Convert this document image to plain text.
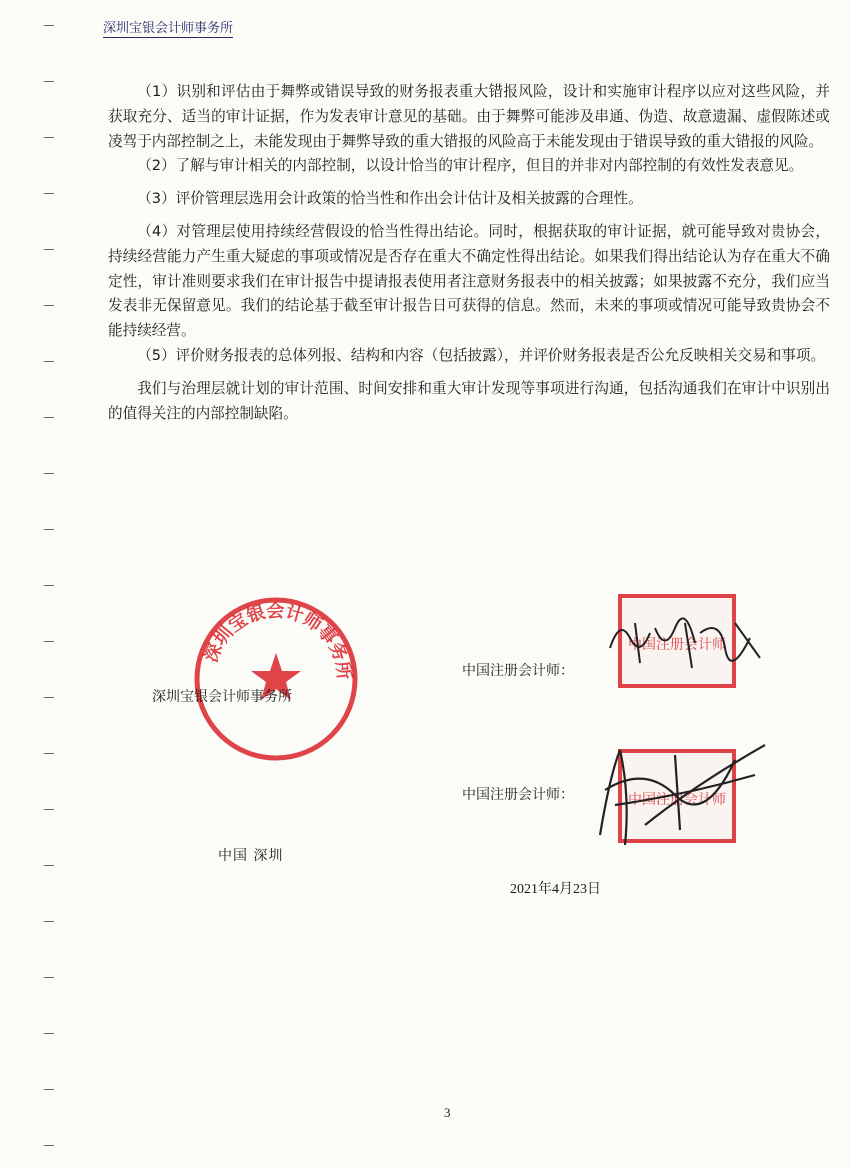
深圳宝银会计师事务所

（1）识别和评估由于舞弊或错误导致的财务报表重大错报风险，设计和实施审计程序以应对这些风险，并获取充分、适当的审计证据，作为发表审计意见的基础。由于舞弊可能涉及串通、伪造、故意遗漏、虚假陈述或凌驾于内部控制之上，未能发现由于舞弊导致的重大错报的风险高于未能发现由于错误导致的重大错报的风险。

（2）了解与审计相关的内部控制，以设计恰当的审计程序，但目的并非对内部控制的有效性发表意见。

（3）评价管理层选用会计政策的恰当性和作出会计估计及相关披露的合理性。

（4）对管理层使用持续经营假设的恰当性得出结论。同时，根据获取的审计证据，就可能导致对贵协会，持续经营能力产生重大疑虑的事项或情况是否存在重大不确定性得出结论。如果我们得出结论认为存在重大不确定性，审计准则要求我们在审计报告中提请报表使用者注意财务报表中的相关披露；如果披露不充分，我们应当发表非无保留意见。我们的结论基于截至审计报告日可获得的信息。然而，未来的事项或情况可能导致贵协会不能持续经营。

（5）评价财务报表的总体列报、结构和内容（包括披露），并评价财务报表是否公允反映相关交易和事项。

我们与治理层就计划的审计范围、时间安排和重大审计发现等事项进行沟通，包括沟通我们在审计中识别出的值得关注的内部控制缺陷。

深圳宝银会计师事务所
深圳宝银会计师事务所
中国注册会计师：
中国注册会计师：
中国注册会计师
中国注册会计师
中国 深圳
2021年4月23日
3
